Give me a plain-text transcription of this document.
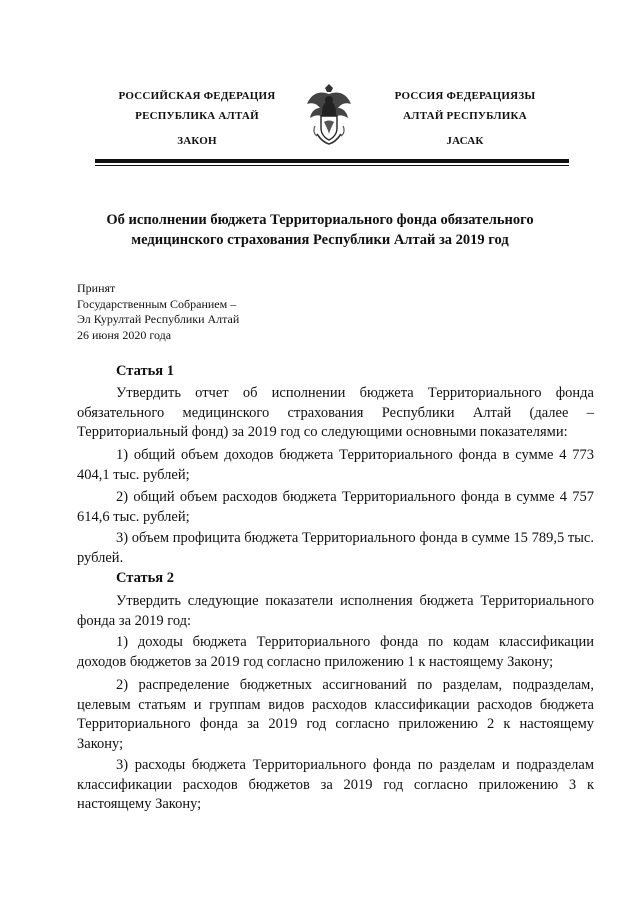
РОССИЙСКАЯ ФЕДЕРАЦИЯ
РЕСПУБЛИКА АЛТАЙ
ЗАКОН
РОССИЯ ФЕДЕРАЦИЯЗЫ
АЛТАЙ РЕСПУБЛИКА
JАСАК
Об исполнении бюджета Территориального фонда обязательного
медицинского страхования Республики Алтай за 2019 год
Принят
Государственным Собранием –
Эл Курултай Республики Алтай
26 июня 2020 года
Статья 1
Утвердить отчет об исполнении бюджета Территориального фонда обязательного медицинского страхования Республики Алтай (далее – Территориальный фонд) за 2019 год со следующими основными показателями:
1) общий объем доходов бюджета Территориального фонда в сумме 4 773 404,1 тыс. рублей;
2) общий объем расходов бюджета Территориального фонда в сумме 4 757 614,6 тыс. рублей;
3) объем профицита бюджета Территориального фонда в сумме 15 789,5 тыс. рублей.
Статья 2
Утвердить следующие показатели исполнения бюджета Территориального фонда за 2019 год:
1) доходы бюджета Территориального фонда по кодам классификации доходов бюджетов за 2019 год согласно приложению 1 к настоящему Закону;
2) распределение бюджетных ассигнований по разделам, подразделам, целевым статьям и группам видов расходов классификации расходов бюджета Территориального фонда за 2019 год согласно приложению 2 к настоящему Закону;
3) расходы бюджета Территориального фонда по разделам и подразделам классификации расходов бюджетов за 2019 год согласно приложению 3 к настоящему Закону;
